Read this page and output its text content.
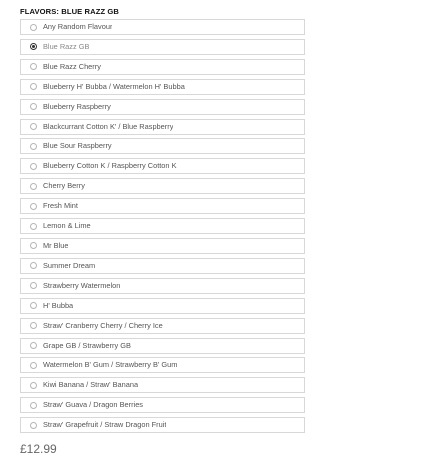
FLAVORS: BLUE RAZZ GB
Any Random Flavour
Blue Razz GB
Blue Razz Cherry
Blueberry H' Bubba / Watermelon H' Bubba
Blueberry Raspberry
Blackcurrant Cotton K' / Blue Raspberry
Blue Sour Raspberry
Blueberry Cotton K / Raspberry Cotton K
Cherry Berry
Fresh Mint
Lemon & Lime
Mr Blue
Summer Dream
Strawberry Watermelon
H' Bubba
Straw' Cranberry Cherry / Cherry Ice
Grape GB / Strawberry GB
Watermelon B' Gum / Strawberry B' Gum
Kiwi Banana / Straw' Banana
Straw' Guava / Dragon Berries
Straw' Grapefruit / Straw Dragon Fruit
£12.99
